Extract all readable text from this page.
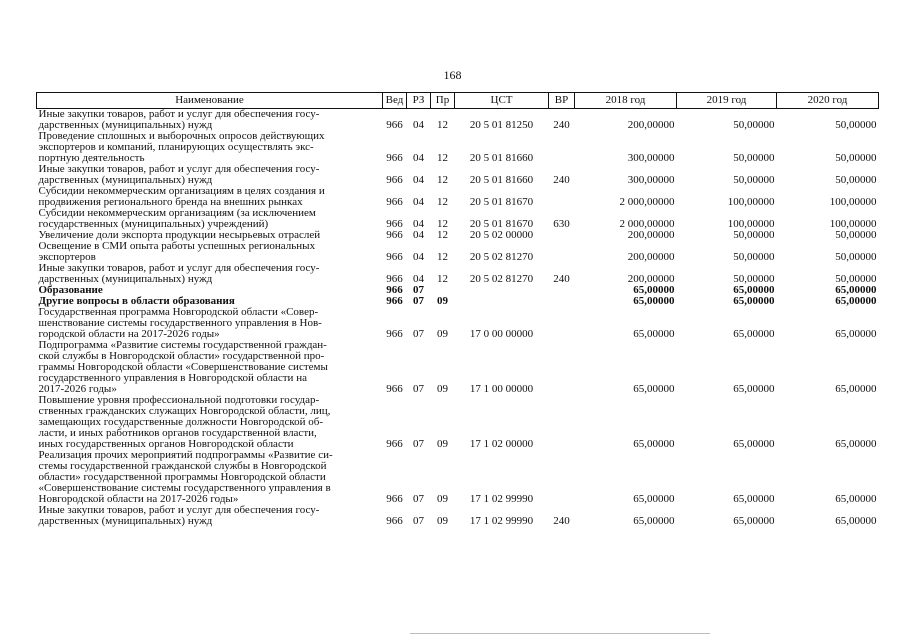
168
Наименование	Вед	РЗ	Пр	ЦСТ	ВР	2018 год	2019 год	2020 год
Иные закупки товаров, работ и услуг для обеспечения госу-
дарственных (муниципальных) нужд	966	04	12	20 5 01 81250	240	200,00000	50,00000	50,00000
Проведение сплошных и выборочных опросов действующих
экспортеров и компаний, планирующих осуществлять экс-
портную деятельность	966	04	12	20 5 01 81660		300,00000	50,00000	50,00000
Иные закупки товаров, работ и услуг для обеспечения госу-
дарственных (муниципальных) нужд	966	04	12	20 5 01 81660	240	300,00000	50,00000	50,00000
Субсидии некоммерческим организациям в целях создания и
продвижения регионального бренда на внешних рынках	966	04	12	20 5 01 81670		2 000,00000	100,00000	100,00000
Субсидии некоммерческим организациям (за исключением
государственных (муниципальных) учреждений)	966	04	12	20 5 01 81670	630	2 000,00000	100,00000	100,00000
Увеличение доли экспорта продукции несырьевых отраслей	966	04	12	20 5 02 00000		200,00000	50,00000	50,00000
Освещение в СМИ опыта работы успешных региональных
экспортеров	966	04	12	20 5 02 81270		200,00000	50,00000	50,00000
Иные закупки товаров, работ и услуг для обеспечения госу-
дарственных (муниципальных) нужд	966	04	12	20 5 02 81270	240	200,00000	50,00000	50,00000
Образование	966	07				65,00000	65,00000	65,00000
Другие вопросы в области образования	966	07	09			65,00000	65,00000	65,00000
Государственная программа Новгородской области «Совер-
шенствование системы государственного управления в Нов-
городской области на 2017-2026 годы»	966	07	09	17 0 00 00000		65,00000	65,00000	65,00000
Подпрограмма «Развитие системы государственной граждан-
ской службы в Новгородской области» государственной про-
граммы Новгородской области «Совершенствование системы
государственного управления в Новгородской области на
2017-2026 годы»	966	07	09	17 1 00 00000		65,00000	65,00000	65,00000
Повышение уровня профессиональной подготовки государ-
ственных гражданских служащих Новгородской области, лиц,
замещающих государственные должности Новгородской об-
ласти, и иных работников органов государственной власти,
иных государственных органов Новгородской области	966	07	09	17 1 02 00000		65,00000	65,00000	65,00000
Реализация прочих мероприятий подпрограммы «Развитие си-
стемы государственной гражданской службы в Новгородской
области» государственной программы Новгородской области
«Совершенствование системы государственного управления в
Новгородской области на 2017-2026 годы»	966	07	09	17 1 02 99990		65,00000	65,00000	65,00000
Иные закупки товаров, работ и услуг для обеспечения госу-
дарственных (муниципальных) нужд	966	07	09	17 1 02 99990	240	65,00000	65,00000	65,00000
